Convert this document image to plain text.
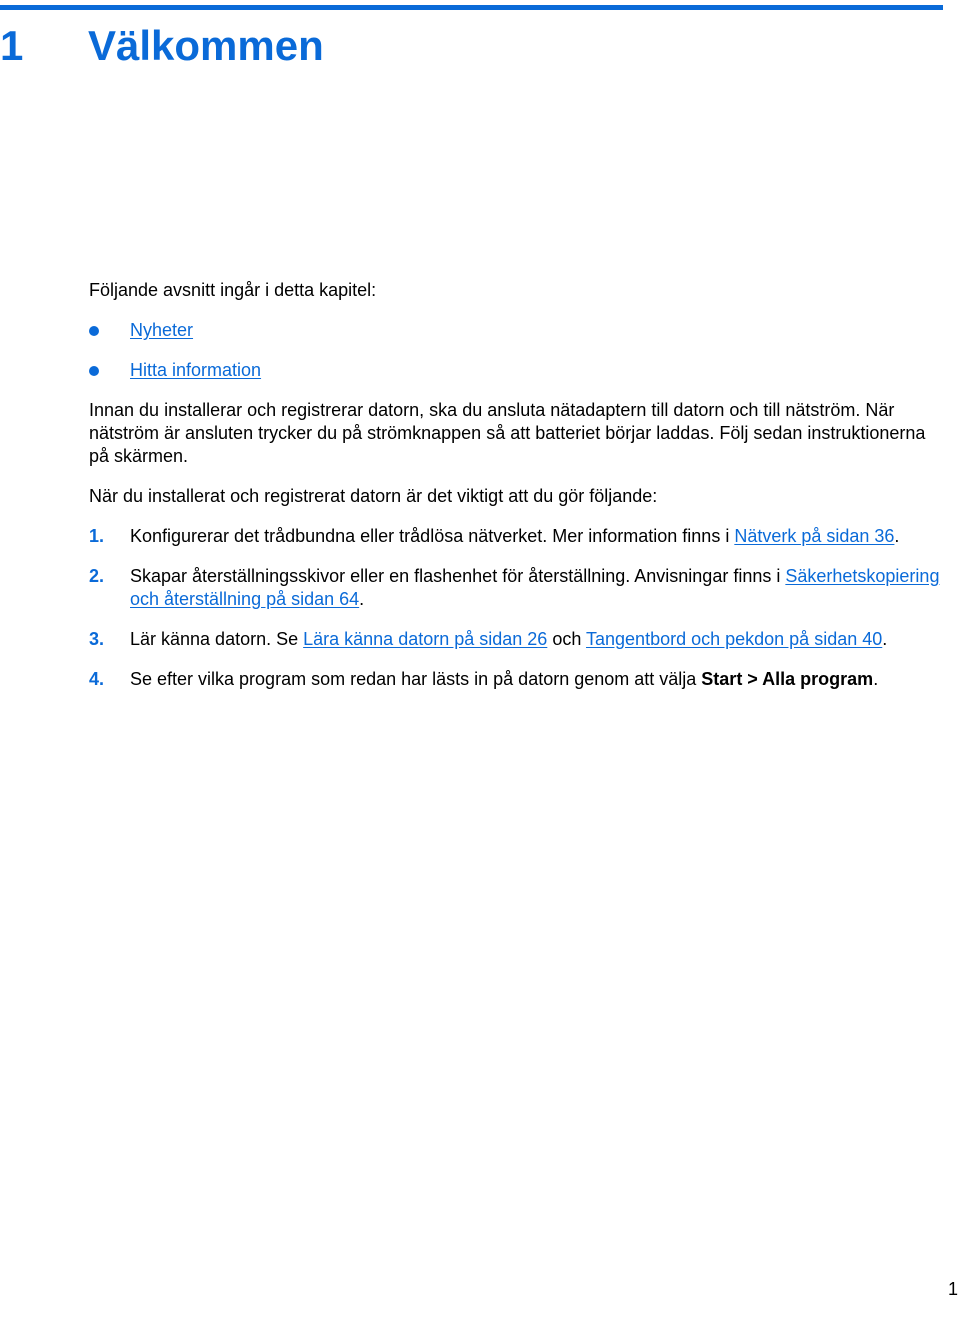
1 Välkommen

Följande avsnitt ingår i detta kapitel:

Nyheter
Hitta information

Innan du installerar och registrerar datorn, ska du ansluta nätadaptern till datorn och till nätström. När nätström är ansluten trycker du på strömknappen så att batteriet börjar laddas. Följ sedan instruktionerna på skärmen.

När du installerat och registrerat datorn är det viktigt att du gör följande:

1. Konfigurerar det trådbundna eller trådlösa nätverket. Mer information finns i Nätverk på sidan 36.
2. Skapar återställningsskivor eller en flashenhet för återställning. Anvisningar finns i Säkerhetskopiering och återställning på sidan 64.
3. Lär känna datorn. Se Lära känna datorn på sidan 26 och Tangentbord och pekdon på sidan 40.
4. Se efter vilka program som redan har lästs in på datorn genom att välja Start > Alla program.
1
